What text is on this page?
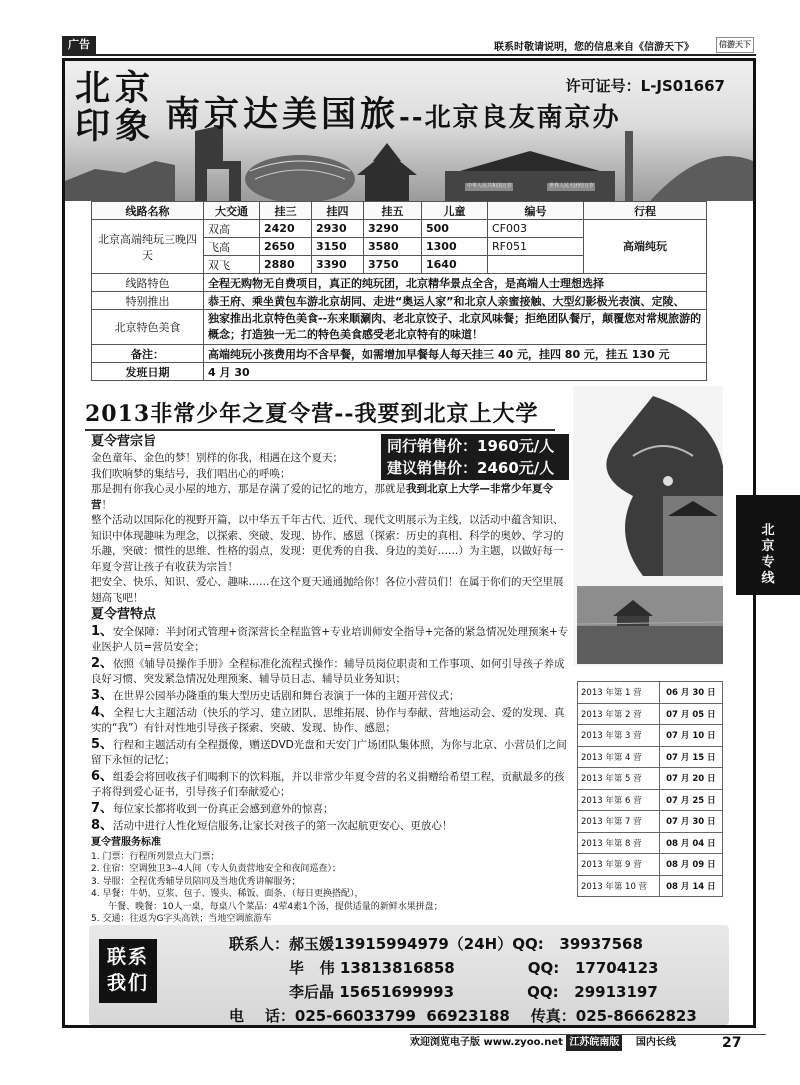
广告	联系时敬请说明，您的信息来自《信游天下》	信游天下
北 京
印 象
许可证号：L-JS01667
南京达美国旅--北京良友南京办
中华人民共和国万岁	世界人民大团结万岁
线路名称	大交通	挂三	挂四	挂五	儿童	编号	行程
北京高端纯玩三晚四天	双高	2420	2930	3290	500	CF003	高端纯玩
	飞高	2650	3150	3580	1300	RF051	
	双飞	2880	3390	3750	1640		
线路特色	全程无购物无自费项目，真正的纯玩团，北京精华景点全含，是高端人士理想选择						
特别推出	恭王府、乘坐黄包车游北京胡同、走进“奥运人家”和北京人亲蜜接触、大型幻影极光表演、定陵、						
北京特色美食	独家推出北京特色美食--东来顺涮肉、老北京饺子、北京风味餐；拒绝团队餐厅，颠覆您对常规旅游的概念；打造独一无二的特色美食感受老北京特有的味道！						
备注：	高端纯玩小孩费用均不含早餐，如需增加早餐每人每天挂三 40 元，挂四 80 元，挂五 130 元						
发班日期	4 月 30						
2013非常少年之夏令营--我要到北京上大学
同行销售价：1960元/人
建议销售价：2460元/人
夏令营宗旨
金色童年、金色的梦！别样的你我，相遇在这个夏天；
我们吹响梦的集结号，我们唱出心的呼唤；
那是拥有你我心灵小屋的地方，那是存满了爱的记忆的地方，那就是我到北京上大学—非常少年夏令营！
整个活动以国际化的视野开篇，以中华五千年古代、近代、现代文明展示为主线，以活动中蕴含知识、知识中体现趣味为理念，以探索、突破、发现、协作、感恩（探索：历史的真相、科学的奥妙、学习的乐趣，突破：惯性的思维、性格的弱点，发现：更优秀的自我、身边的美好……）为主题，以做好每一年夏令营让孩子有收获为宗旨！
把安全、快乐、知识、爱心、趣味……在这个夏天通通抛给你！各位小营员们！在属于你们的天空里展翅高飞吧！
夏令营特点
1、安全保障：半封闭式管理+资深营长全程监管+专业培训师安全指导+完备的紧急情况处理预案+专业医护人员=营员安全；
2、依照《辅导员操作手册》全程标准化流程式操作：辅导员岗位职责和工作事项、如何引导孩子养成良好习惯、突发紧急情况处理预案、辅导员日志、辅导员业务知识；
3、在世界公园举办隆重的集大型历史话剧和舞台表演于一体的主题开营仪式；
4、全程七大主题活动（快乐的学习、建立团队、思维拓展、协作与奉献、营地运动会、爱的发现、真实的“我”）有针对性地引导孩子探索、突破、发现、协作、感恩；
5、行程和主题活动有全程摄像，赠送DVD光盘和天安门广场团队集体照，为你与北京、小营员们之间留下永恒的记忆；
6、组委会将回收孩子们喝剩下的饮料瓶，并以非常少年夏令营的名义捐赠给希望工程，贡献最多的孩子将得到爱心证书，引导孩子们奉献爱心；
7、每位家长都将收到一份真正会感到意外的惊喜；
8、活动中进行人性化短信服务,让家长对孩子的第一次起航更安心、更放心！
夏令营服务标准
1. 门票：行程所列景点大门票；
2. 住宿：空调独卫3--4人间（专人负责营地安全和夜间巡查）；
3. 导服：全程优秀辅导员陪同及当地优秀讲解服务；
4. 早餐：牛奶、豆浆、包子、馒头、稀饭、面条、（每日更换搭配），
午餐、晚餐：10人一桌，每桌八个菜品：4荤4素1个汤，提供适量的新鲜水果拼盘；
5. 交通：往返为G字头高铁；当地空调旅游车
2013 年第 1 营	06 月 30 日
2013 年第 2 营	07 月 05 日
2013 年第 3 营	07 月 10 日
2013 年第 4 营	07 月 15 日
2013 年第 5 营	07 月 20 日
2013 年第 6 营	07 月 25 日
2013 年第 7 营	07 月 30 日
2013 年第 8 营	08 月 04 日
2013 年第 9 营	08 月 09 日
2013 年第 10 营	08 月 14 日
联系
我们
联系人：郝玉媛13915994979（24H）QQ:   39937568
毕   伟 13813816858              QQ:   17704123
李后晶 15651699993              QQ:   29913197
电    话：025-66033799  66923188    传真：025-86662823
北
京
专
线
欢迎浏览电子版 www.zyoo.net 江苏皖南版 国内长线	27
